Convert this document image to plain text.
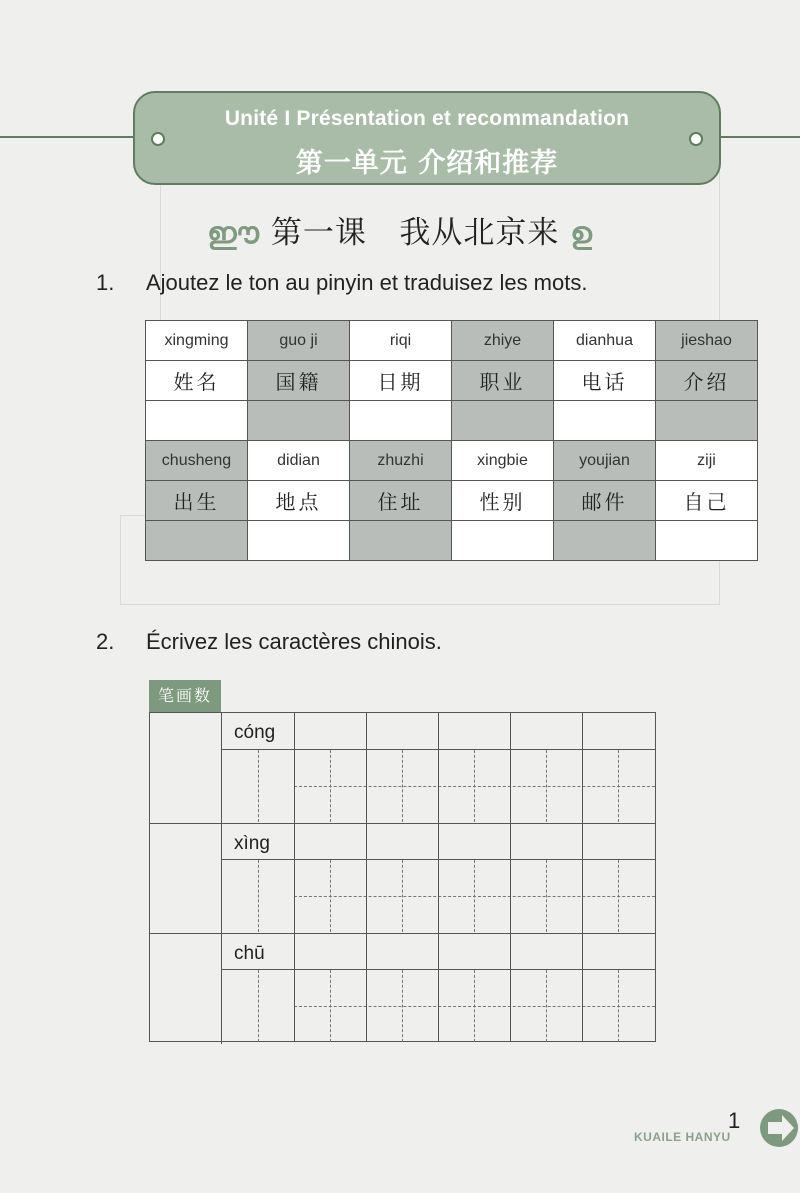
Unité I Présentation et recommandation
第一单元 介绍和推荐
ഈ 第一课   我从北京来 ഉ
1. Ajoutez le ton au pinyin et traduisez les mots.
xingming	guo ji	riqi	zhiye	dianhua	jieshao
姓名	国籍	日期	职业	电话	介绍

chusheng	didian	zhuzhi	xingbie	youjian	ziji
出生	地点	住址	性别	邮件	自己

2. Écrivez les caractères chinois.
笔画数
cóng
xìng
chū
1
KUAILE HANYU
